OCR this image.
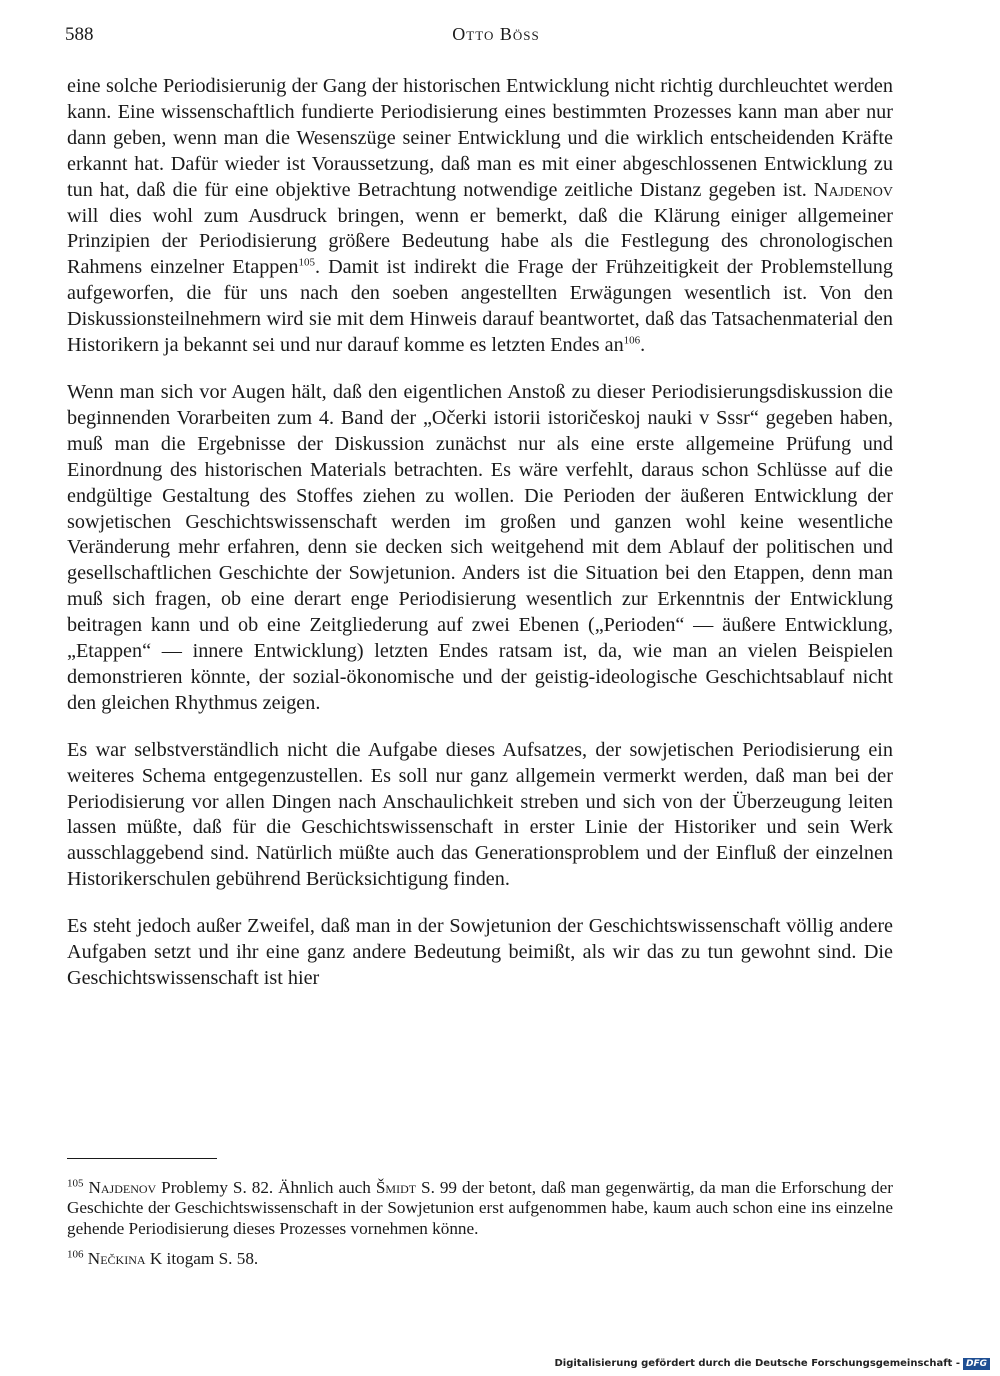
588	Otto Böss

eine solche Periodisierunig der Gang der historischen Entwicklung nicht richtig durchleuchtet werden kann. Eine wissenschaftlich fundierte Periodisierung eines bestimmten Prozesses kann man aber nur dann geben, wenn man die Wesenszüge seiner Entwicklung und die wirklich entscheidenden Kräfte erkannt hat. Dafür wieder ist Voraussetzung, daß man es mit einer abgeschlossenen Entwicklung zu tun hat, daß die für eine objektive Betrachtung notwendige zeitliche Distanz gegeben ist. Najdenov will dies wohl zum Ausdruck bringen, wenn er bemerkt, daß die Klärung einiger allgemeiner Prinzipien der Periodisierung größere Bedeutung habe als die Festlegung des chronologischen Rahmens einzelner Etappen$^{105}$. Damit ist indirekt die Frage der Frühzeitigkeit der Problemstellung aufgeworfen, die für uns nach den soeben angestellten Erwägungen wesentlich ist. Von den Diskussionsteilnehmern wird sie mit dem Hinweis darauf beantwortet, daß das Tatsachenmaterial den Historikern ja bekannt sei und nur darauf komme es letzten Endes $an^{106}$.

Wenn man sich vor Augen hält, daß den eigentlichen Anstoß zu dieser Periodisierungsdiskussion die beginnenden Vorarbeiten zum 4. Band der „Očerki istorii istoričeskoj nauki v Sssr“ gegeben haben, muß man die Ergebnisse der Diskussion zunächst nur als eine erste allgemeine Prüfung und Einordnung des historischen Materials betrachten. Es wäre verfehlt, daraus schon Schlüsse auf die endgültige Gestaltung des Stoffes ziehen zu wollen. Die Perioden der äußeren Entwicklung der sowjetischen Geschichtswissenschaft werden im großen und ganzen wohl keine wesentliche Veränderung mehr erfahren, denn sie decken sich weitgehend mit dem Ablauf der politischen und gesellschaftlichen Geschichte der Sowjetunion. Anders ist die Situation bei den Etappen, denn man muß sich fragen, ob eine derart enge Periodisierung wesentlich zur Erkenntnis der Entwicklung beitragen kann und ob eine Zeitgliederung auf zwei Ebenen („Perioden“ — äußere Entwicklung, „Etappen“ — innere Entwicklung) letzten Endes ratsam ist, da, wie man an vielen Beispielen demonstrieren könnte, der sozial-ökonomische und der geistig-ideologische Geschichtsablauf nicht den gleichen Rhythmus zeigen.

Es war selbstverständlich nicht die Aufgabe dieses Aufsatzes, der sowjetischen Periodisierung ein weiteres Schema entgegenzustellen. Es soll nur ganz allgemein vermerkt werden, daß man bei der Periodisierung vor allen Dingen nach Anschaulichkeit streben und sich von der Überzeugung leiten lassen müßte, daß für die Geschichtswissenschaft in erster Linie der Historiker und sein Werk ausschlaggebend sind. Natürlich müßte auch das Generationsproblem und der Einfluß der einzelnen Historikerschulen gebührend Berücksichtigung finden.

Es steht jedoch außer Zweifel, daß man in der Sowjetunion der Geschichtswissenschaft völlig andere Aufgaben setzt und ihr eine ganz andere Bedeutung beimißt, als wir das zu tun gewohnt sind. Die Geschichtswissenschaft ist hier

$^{105}$ Najdenov Problemy S. 82. Ähnlich auch Šmidt S. 99 der betont, daß man gegenwärtig, da man die Erforschung der Geschichte der Geschichtswissenschaft in der Sowjetunion erst aufgenommen habe, kaum auch schon eine ins einzelne gehende Periodisierung dieses Prozesses vornehmen könne.

$^{106}$ Nečkina K itogam S. 58.

Digitalisierung gefördert durch die Deutsche Forschungsgemeinschaft - DFG
